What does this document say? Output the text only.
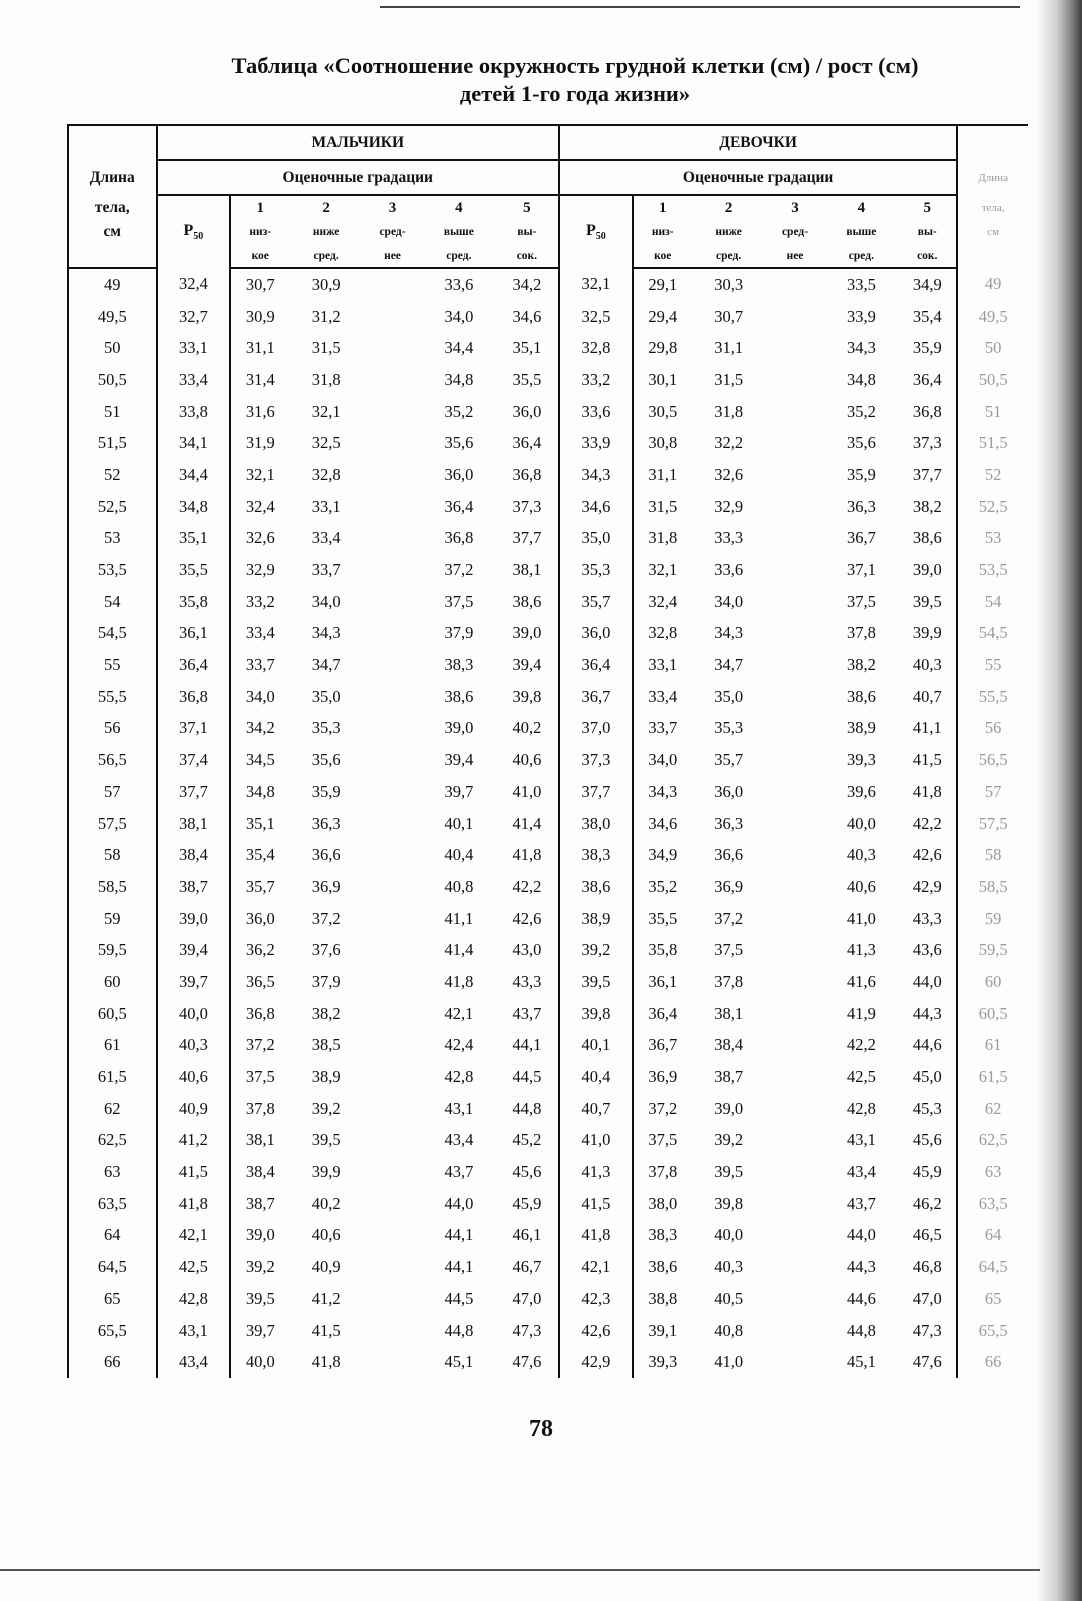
Таблица «Соотношение окружность грудной клетки (см) / рост (см)
детей 1-го года жизни»
	МАЛЬЧИКИ						ДЕВОЧКИ						
Длина	Оценочные градации						Оценочные градации						Длина
тела,	$P_{50}$	1	2	3	4	5	$P_{50}$	1	2	3	4	5	тела,
см		низ-	ниже	сред-	выше	вы-		низ-	ниже	сред-	выше	вы-	см
		кое	сред.	нее	сред.	сок.		кое	сред.	нее	сред.	сок.	
49	32,4	30,7	30,9		33,6	34,2	32,1	29,1	30,3		33,5	34,9	49
49,5	32,7	30,9	31,2		34,0	34,6	32,5	29,4	30,7		33,9	35,4	49,5
50	33,1	31,1	31,5		34,4	35,1	32,8	29,8	31,1		34,3	35,9	50
50,5	33,4	31,4	31,8		34,8	35,5	33,2	30,1	31,5		34,8	36,4	50,5
51	33,8	31,6	32,1		35,2	36,0	33,6	30,5	31,8		35,2	36,8	51
51,5	34,1	31,9	32,5		35,6	36,4	33,9	30,8	32,2		35,6	37,3	51,5
52	34,4	32,1	32,8		36,0	36,8	34,3	31,1	32,6		35,9	37,7	52
52,5	34,8	32,4	33,1		36,4	37,3	34,6	31,5	32,9		36,3	38,2	52,5
53	35,1	32,6	33,4		36,8	37,7	35,0	31,8	33,3		36,7	38,6	53
53,5	35,5	32,9	33,7		37,2	38,1	35,3	32,1	33,6		37,1	39,0	53,5
54	35,8	33,2	34,0		37,5	38,6	35,7	32,4	34,0		37,5	39,5	54
54,5	36,1	33,4	34,3		37,9	39,0	36,0	32,8	34,3		37,8	39,9	54,5
55	36,4	33,7	34,7		38,3	39,4	36,4	33,1	34,7		38,2	40,3	55
55,5	36,8	34,0	35,0		38,6	39,8	36,7	33,4	35,0		38,6	40,7	55,5
56	37,1	34,2	35,3		39,0	40,2	37,0	33,7	35,3		38,9	41,1	56
56,5	37,4	34,5	35,6		39,4	40,6	37,3	34,0	35,7		39,3	41,5	56,5
57	37,7	34,8	35,9		39,7	41,0	37,7	34,3	36,0		39,6	41,8	57
57,5	38,1	35,1	36,3		40,1	41,4	38,0	34,6	36,3		40,0	42,2	57,5
58	38,4	35,4	36,6		40,4	41,8	38,3	34,9	36,6		40,3	42,6	58
58,5	38,7	35,7	36,9		40,8	42,2	38,6	35,2	36,9		40,6	42,9	58,5
59	39,0	36,0	37,2		41,1	42,6	38,9	35,5	37,2		41,0	43,3	59
59,5	39,4	36,2	37,6		41,4	43,0	39,2	35,8	37,5		41,3	43,6	59,5
60	39,7	36,5	37,9		41,8	43,3	39,5	36,1	37,8		41,6	44,0	60
60,5	40,0	36,8	38,2		42,1	43,7	39,8	36,4	38,1		41,9	44,3	60,5
61	40,3	37,2	38,5		42,4	44,1	40,1	36,7	38,4		42,2	44,6	61
61,5	40,6	37,5	38,9		42,8	44,5	40,4	36,9	38,7		42,5	45,0	61,5
62	40,9	37,8	39,2		43,1	44,8	40,7	37,2	39,0		42,8	45,3	62
62,5	41,2	38,1	39,5		43,4	45,2	41,0	37,5	39,2		43,1	45,6	62,5
63	41,5	38,4	39,9		43,7	45,6	41,3	37,8	39,5		43,4	45,9	63
63,5	41,8	38,7	40,2		44,0	45,9	41,5	38,0	39,8		43,7	46,2	63,5
64	42,1	39,0	40,6		44,1	46,1	41,8	38,3	40,0		44,0	46,5	64
64,5	42,5	39,2	40,9		44,1	46,7	42,1	38,6	40,3		44,3	46,8	64,5
65	42,8	39,5	41,2		44,5	47,0	42,3	38,8	40,5		44,6	47,0	65
65,5	43,1	39,7	41,5		44,8	47,3	42,6	39,1	40,8		44,8	47,3	65,5
66	43,4	40,0	41,8		45,1	47,6	42,9	39,3	41,0		45,1	47,6	66
78
